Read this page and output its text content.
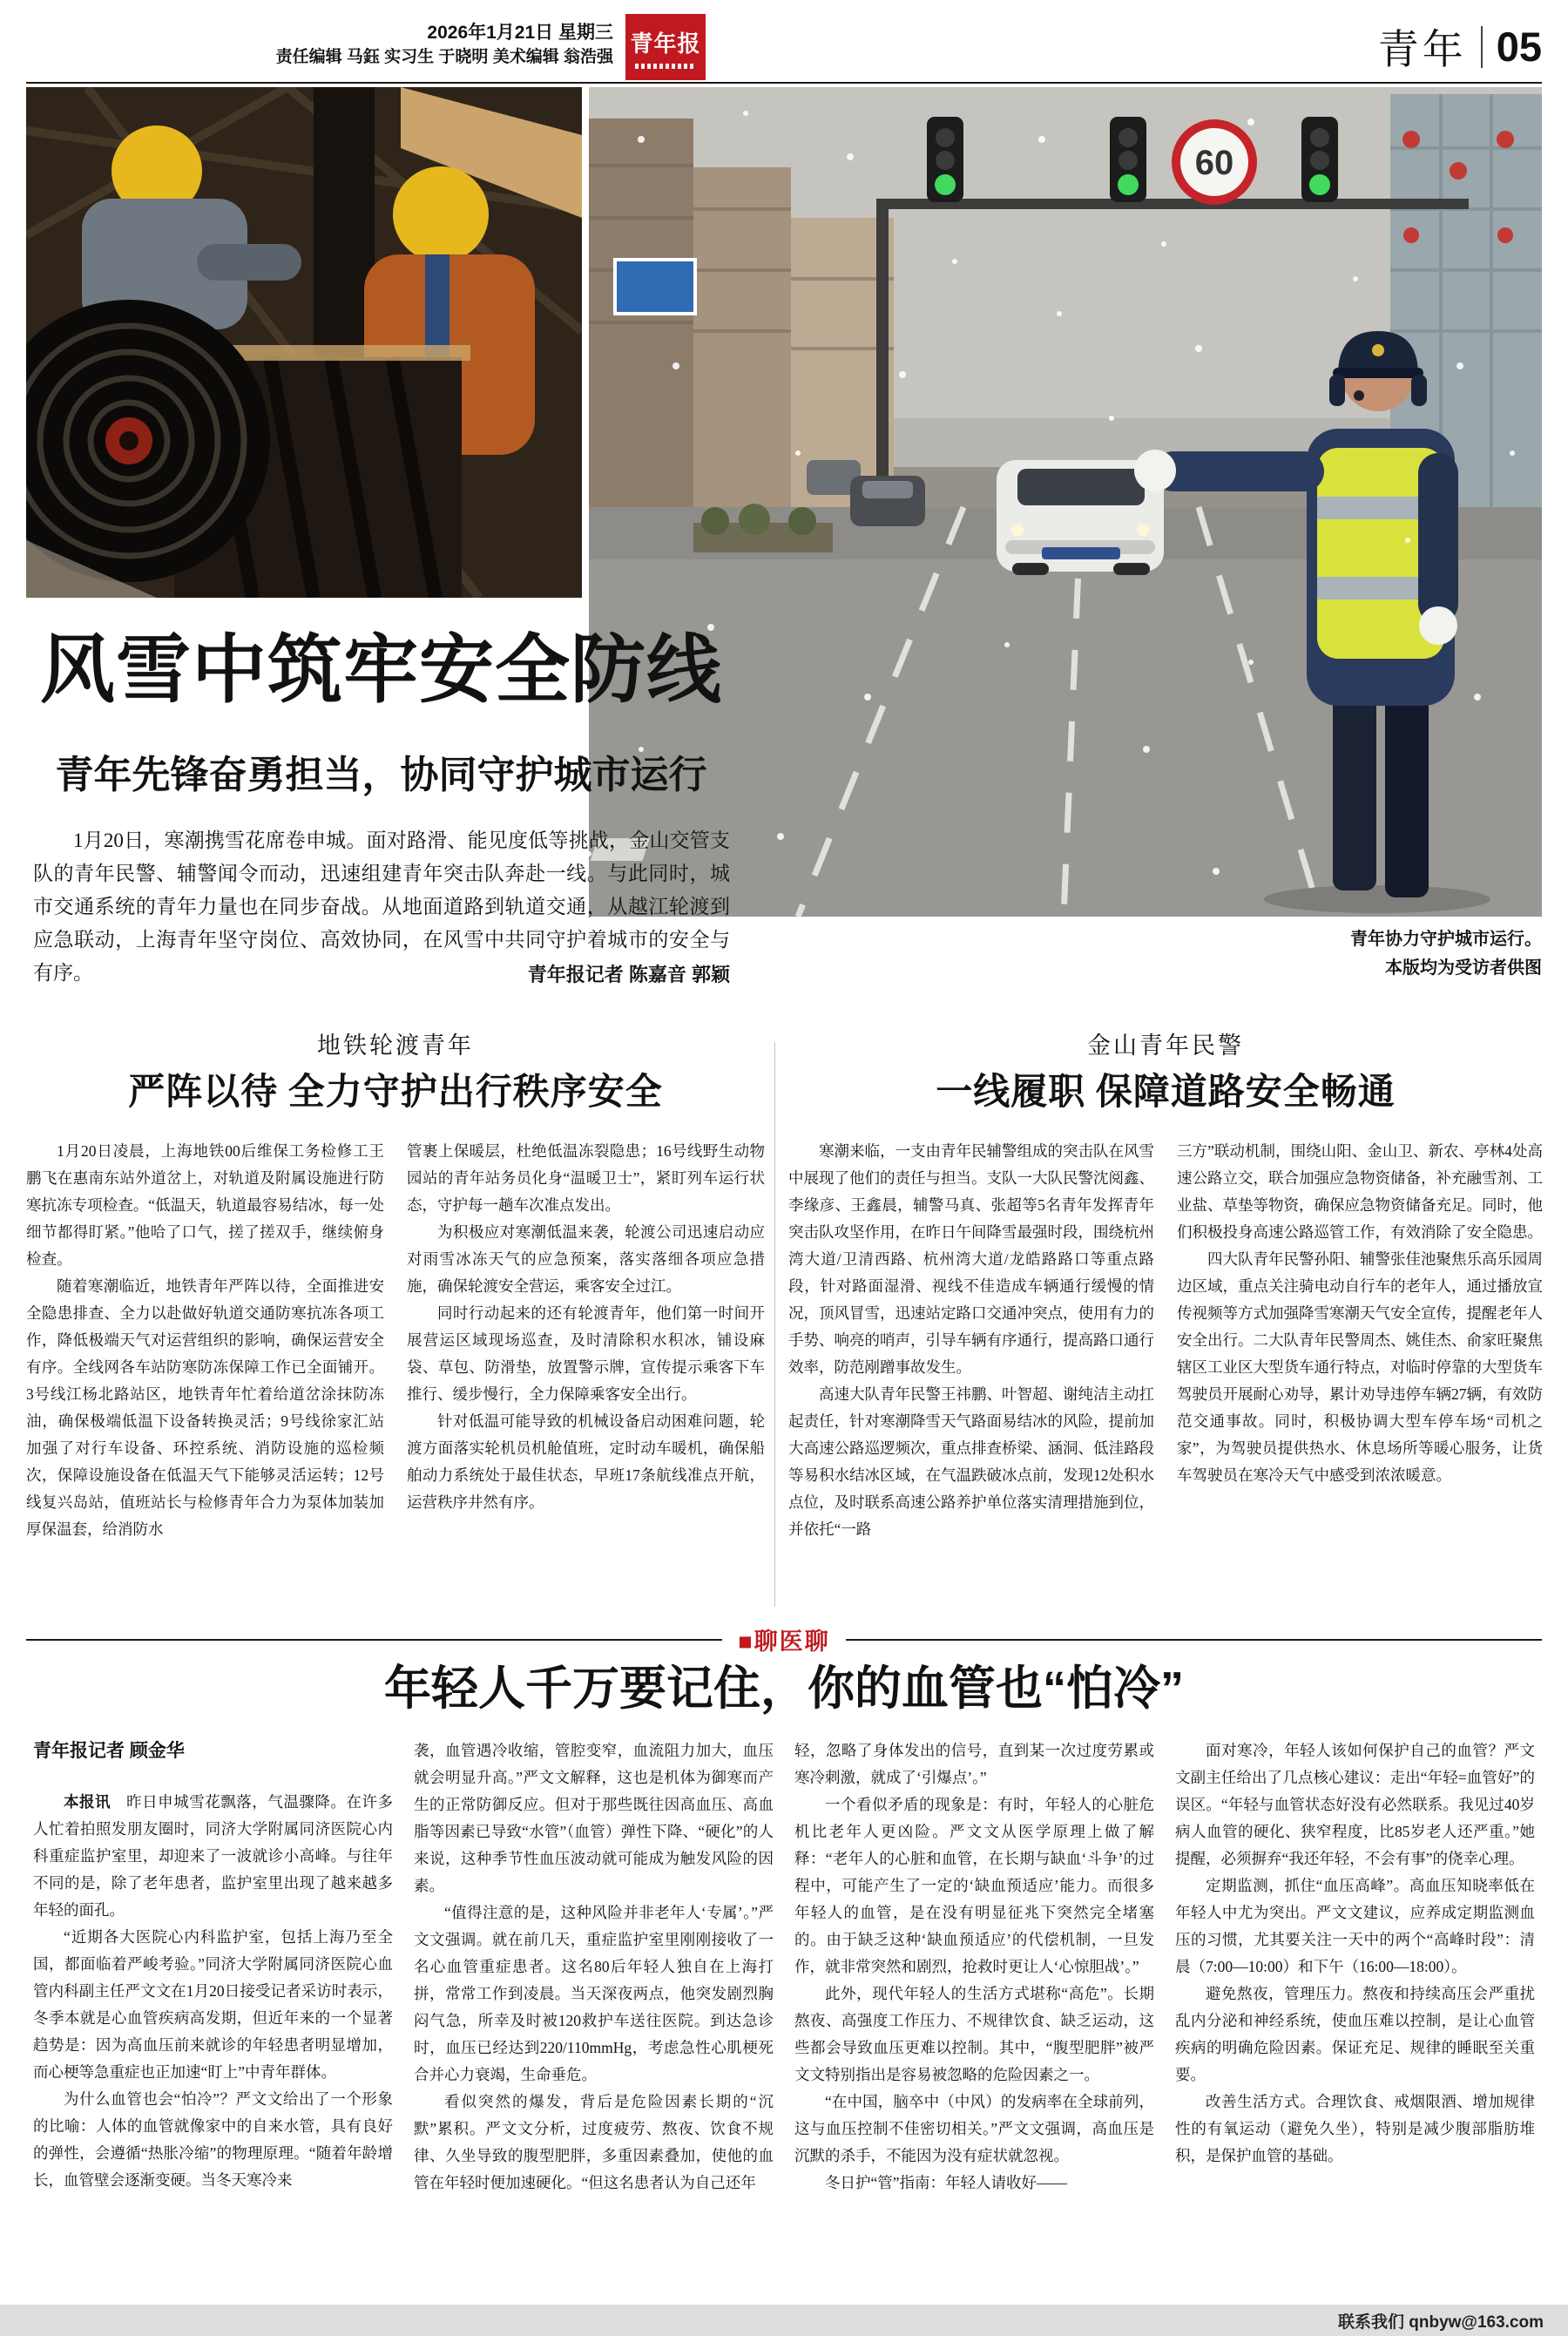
2026年1月21日 星期三
责任编辑 马鈺 实习生 于晓明 美术编辑 翁浩强
青年报	青年 05
60
青年协力守护城市运行。
本版均为受访者供图
风雪中筑牢安全防线
青年先锋奋勇担当，协同守护城市运行

1月20日，寒潮携雪花席卷申城。面对路滑、能见度低等挑战，金山交管支队的青年民警、辅警闻令而动，迅速组建青年突击队奔赴一线。与此同时，城市交通系统的青年力量也在同步奋战。从地面道路到轨道交通，从越江轮渡到应急联动，上海青年坚守岗位、高效协同，在风雪中共同守护着城市的安全与有序。	青年报记者 陈嘉音 郭颖
地铁轮渡青年
严阵以待 全力守护出行秩序安全

1月20日凌晨，上海地铁00后维保工务检修工王鹏飞在惠南东站外道岔上，对轨道及附属设施进行防寒抗冻专项检查。“低温天，轨道最容易结冰，每一处细节都得盯紧。”他哈了口气，搓了搓双手，继续俯身检查。

随着寒潮临近，地铁青年严阵以待，全面推进安全隐患排查、全力以赴做好轨道交通防寒抗冻各项工作，降低极端天气对运营组织的影响，确保运营安全有序。全线网各车站防寒防冻保障工作已全面铺开。3号线江杨北路站区，地铁青年忙着给道岔涂抹防冻油，确保极端低温下设备转换灵活；9号线徐家汇站加强了对行车设备、环控系统、消防设施的巡检频次，保障设施设备在低温天气下能够灵活运转；12号线复兴岛站，值班站长与检修青年合力为泵体加装加厚保温套，给消防水

管裹上保暖层，杜绝低温冻裂隐患；16号线野生动物园站的青年站务员化身“温暖卫士”，紧盯列车运行状态，守护每一趟车次准点发出。

为积极应对寒潮低温来袭，轮渡公司迅速启动应对雨雪冰冻天气的应急预案，落实落细各项应急措施，确保轮渡安全营运，乘客安全过江。

同时行动起来的还有轮渡青年，他们第一时间开展营运区域现场巡查，及时清除积水积冰，铺设麻袋、草包、防滑垫，放置警示牌，宣传提示乘客下车推行、缓步慢行，全力保障乘客安全出行。

针对低温可能导致的机械设备启动困难问题，轮渡方面落实轮机员机舱值班，定时动车暖机，确保船舶动力系统处于最佳状态，早班17条航线准点开航，运营秩序井然有序。

金山青年民警
一线履职 保障道路安全畅通

寒潮来临，一支由青年民辅警组成的突击队在风雪中展现了他们的责任与担当。支队一大队民警沈阅鑫、李缘彦、王鑫晨，辅警马真、张超等5名青年发挥青年突击队攻坚作用，在昨日午间降雪最强时段，围绕杭州湾大道/卫清西路、杭州湾大道/龙皓路路口等重点路段，针对路面湿滑、视线不佳造成车辆通行缓慢的情况，顶风冒雪，迅速站定路口交通冲突点，使用有力的手势、响亮的哨声，引导车辆有序通行，提高路口通行效率，防范剐蹭事故发生。

高速大队青年民警王祎鹏、叶智超、谢纯洁主动扛起责任，针对寒潮降雪天气路面易结冰的风险，提前加大高速公路巡逻频次，重点排查桥梁、涵洞、低洼路段等易积水结冰区域，在气温跌破冰点前，发现12处积水点位，及时联系高速公路养护单位落实清理措施到位，并依托“一路

三方”联动机制，围绕山阳、金山卫、新农、亭林4处高速公路立交，联合加强应急物资储备，补充融雪剂、工业盐、草垫等物资，确保应急物资储备充足。同时，他们积极投身高速公路巡管工作，有效消除了安全隐患。

四大队青年民警孙阳、辅警张佳池聚焦乐高乐园周边区域，重点关注骑电动自行车的老年人，通过播放宣传视频等方式加强降雪寒潮天气安全宣传，提醒老年人安全出行。二大队青年民警周杰、姚佳杰、俞家旺聚焦辖区工业区大型货车通行特点，对临时停靠的大型货车驾驶员开展耐心劝导，累计劝导违停车辆27辆，有效防范交通事故。同时，积极协调大型车停车场“司机之家”，为驾驶员提供热水、休息场所等暖心服务，让货车驾驶员在寒冷天气中感受到浓浓暖意。

■聊医聊
年轻人千万要记住，你的血管也“怕冷”
青年报记者 顾金华

本报讯　昨日申城雪花飘落，气温骤降。在许多人忙着拍照发朋友圈时，同济大学附属同济医院心内科重症监护室里，却迎来了一波就诊小高峰。与往年不同的是，除了老年患者，监护室里出现了越来越多年轻的面孔。

“近期各大医院心内科监护室，包括上海乃至全国，都面临着严峻考验。”同济大学附属同济医院心血管内科副主任严文文在1月20日接受记者采访时表示，冬季本就是心血管疾病高发期，但近年来的一个显著趋势是：因为高血压前来就诊的年轻患者明显增加，而心梗等急重症也正加速“盯上”中青年群体。

为什么血管也会“怕冷”？严文文给出了一个形象的比喻：人体的血管就像家中的自来水管，具有良好的弹性，会遵循“热胀冷缩”的物理原理。“随着年龄增长，血管壁会逐渐变硬。当冬天寒冷来

袭，血管遇冷收缩，管腔变窄，血流阻力加大，血压就会明显升高。”严文文解释，这也是机体为御寒而产生的正常防御反应。但对于那些既往因高血压、高血脂等因素已导致“水管”（血管）弹性下降、“硬化”的人来说，这种季节性血压波动就可能成为触发风险的因素。

“值得注意的是，这种风险并非老年人‘专属’。”严文文强调。就在前几天，重症监护室里刚刚接收了一名心血管重症患者。这名80后年轻人独自在上海打拼，常常工作到凌晨。当天深夜两点，他突发剧烈胸闷气急，所幸及时被120救护车送往医院。到达急诊时，血压已经达到220/110mmHg，考虑急性心肌梗死合并心力衰竭，生命垂危。

看似突然的爆发，背后是危险因素长期的“沉默”累积。严文文分析，过度疲劳、熬夜、饮食不规律、久坐导致的腹型肥胖，多重因素叠加，使他的血管在年轻时便加速硬化。“但这名患者认为自己还年

轻，忽略了身体发出的信号，直到某一次过度劳累或寒冷刺激，就成了‘引爆点’。”

一个看似矛盾的现象是：有时，年轻人的心脏危机比老年人更凶险。严文文从医学原理上做了解释：“老年人的心脏和血管，在长期与缺血‘斗争’的过程中，可能产生了一定的‘缺血预适应’能力。而很多年轻人的血管，是在没有明显征兆下突然完全堵塞的。由于缺乏这种‘缺血预适应’的代偿机制，一旦发作，就非常突然和剧烈，抢救时更让人‘心惊胆战’。”

此外，现代年轻人的生活方式堪称“高危”。长期熬夜、高强度工作压力、不规律饮食、缺乏运动，这些都会导致血压更难以控制。其中，“腹型肥胖”被严文文特别指出是容易被忽略的危险因素之一。

“在中国，脑卒中（中风）的发病率在全球前列，这与血压控制不佳密切相关。”严文文强调，高血压是沉默的杀手，不能因为没有症状就忽视。

冬日护“管”指南：年轻人请收好——

面对寒冷，年轻人该如何保护自己的血管？严文文副主任给出了几点核心建议：走出“年轻=血管好”的误区。“年轻与血管状态好没有必然联系。我见过40岁病人血管的硬化、狭窄程度，比85岁老人还严重。”她提醒，必须摒弃“我还年轻，不会有事”的侥幸心理。

定期监测，抓住“血压高峰”。高血压知晓率低在年轻人中尤为突出。严文文建议，应养成定期监测血压的习惯，尤其要关注一天中的两个“高峰时段”：清晨（7:00—10:00）和下午（16:00—18:00）。

避免熬夜，管理压力。熬夜和持续高压会严重扰乱内分泌和神经系统，使血压难以控制，是让心血管疾病的明确危险因素。保证充足、规律的睡眠至关重要。

改善生活方式。合理饮食、戒烟限酒、增加规律性的有氧运动（避免久坐），特别是减少腹部脂肪堆积，是保护血管的基础。

联系我们 qnbyw@163.com
